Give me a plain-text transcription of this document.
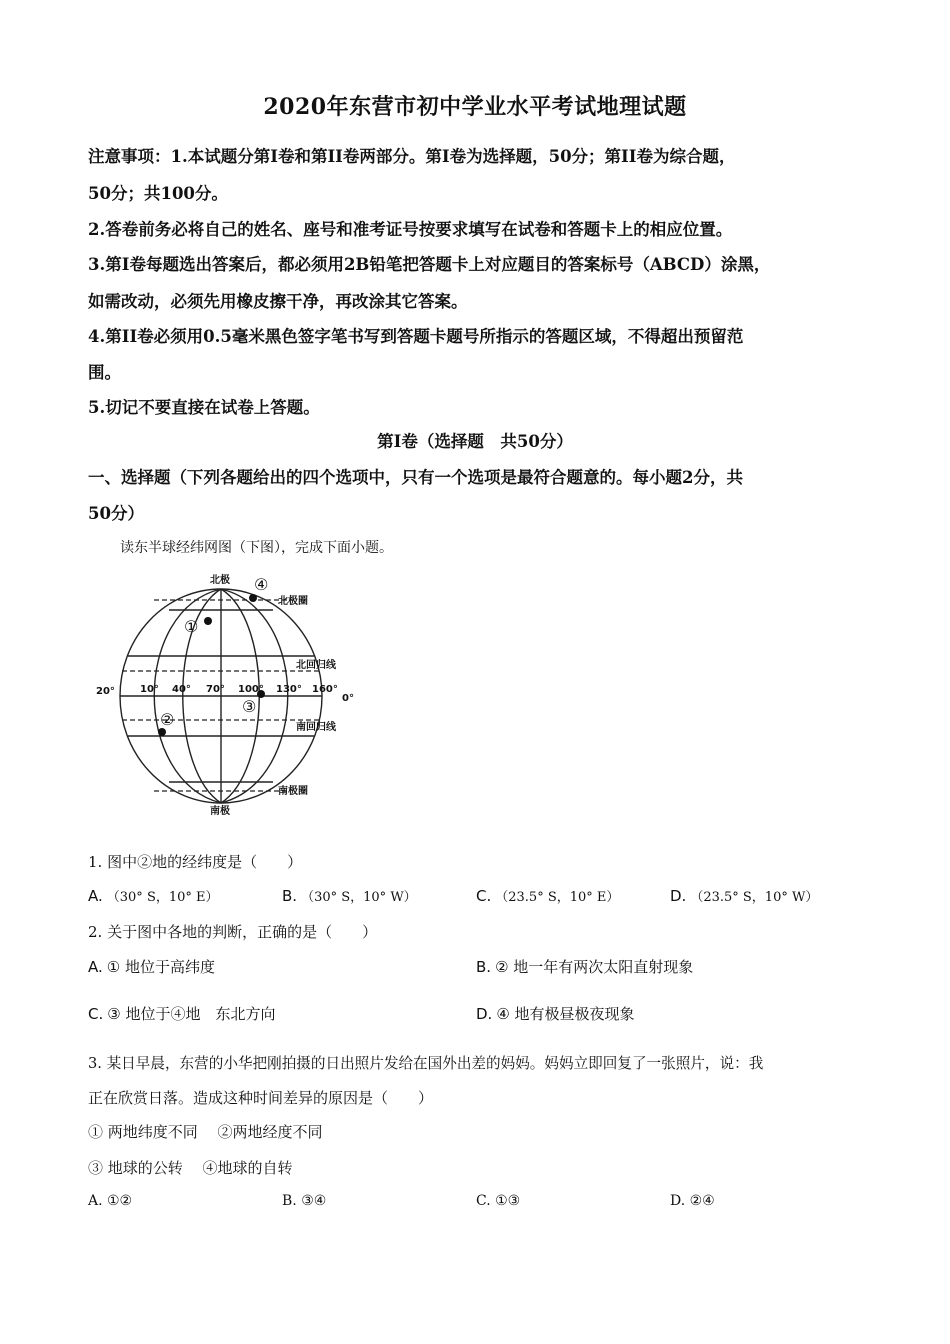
2020年东营市初中学业水平考试地理试题
注意事项：1.本试题分第I卷和第II卷两部分。第I卷为选择题，50分；第II卷为综合题，
50分；共100分。
2.答卷前务必将自己的姓名、座号和准考证号按要求填写在试卷和答题卡上的相应位置。
3.第I卷每题选出答案后，都必须用2B铅笔把答题卡上对应题目的答案标号（ABCD）涂黑，
如需改动，必须先用橡皮擦干净，再改涂其它答案。
4.第II卷必须用0.5毫米黑色签字笔书写到答题卡题号所指示的答题区域，不得超出预留范
围。
5.切记不要直接在试卷上答题。
第I卷（选择题　共50分）
一、选择题（下列各题给出的四个选项中，只有一个选项是最符合题意的。每小题2分，共
50分）
读东半球经纬网图（下图），完成下面小题。
北极
南极
北极圈
北回归线
南回归线
南极圈
20°	10° 40° 70° 100° 130° 160°
0°
④
①
②
③
1. 图中②地的经纬度是（　　）
A. （30° S，10° E）	B. （30° S，10° W）	C. （23.5° S，10° E）	D. （23.5° S，10° W）
2. 关于图中各地的判断，正确的是（　　）
A. ① 地位于高纬度	B. ② 地一年有两次太阳直射现象
C. ③ 地位于④地　东北方向	D. ④ 地有极昼极夜现象
3. 某日早晨，东营的小华把刚拍摄的日出照片发给在国外出差的妈妈。妈妈立即回复了一张照片，说：我
正在欣赏日落。造成这种时间差异的原因是（　　）
① 两地纬度不同　 ②两地经度不同
③ 地球的公转　 ④地球的自转
A. ①②	B. ③④	C. ①③	D. ②④
